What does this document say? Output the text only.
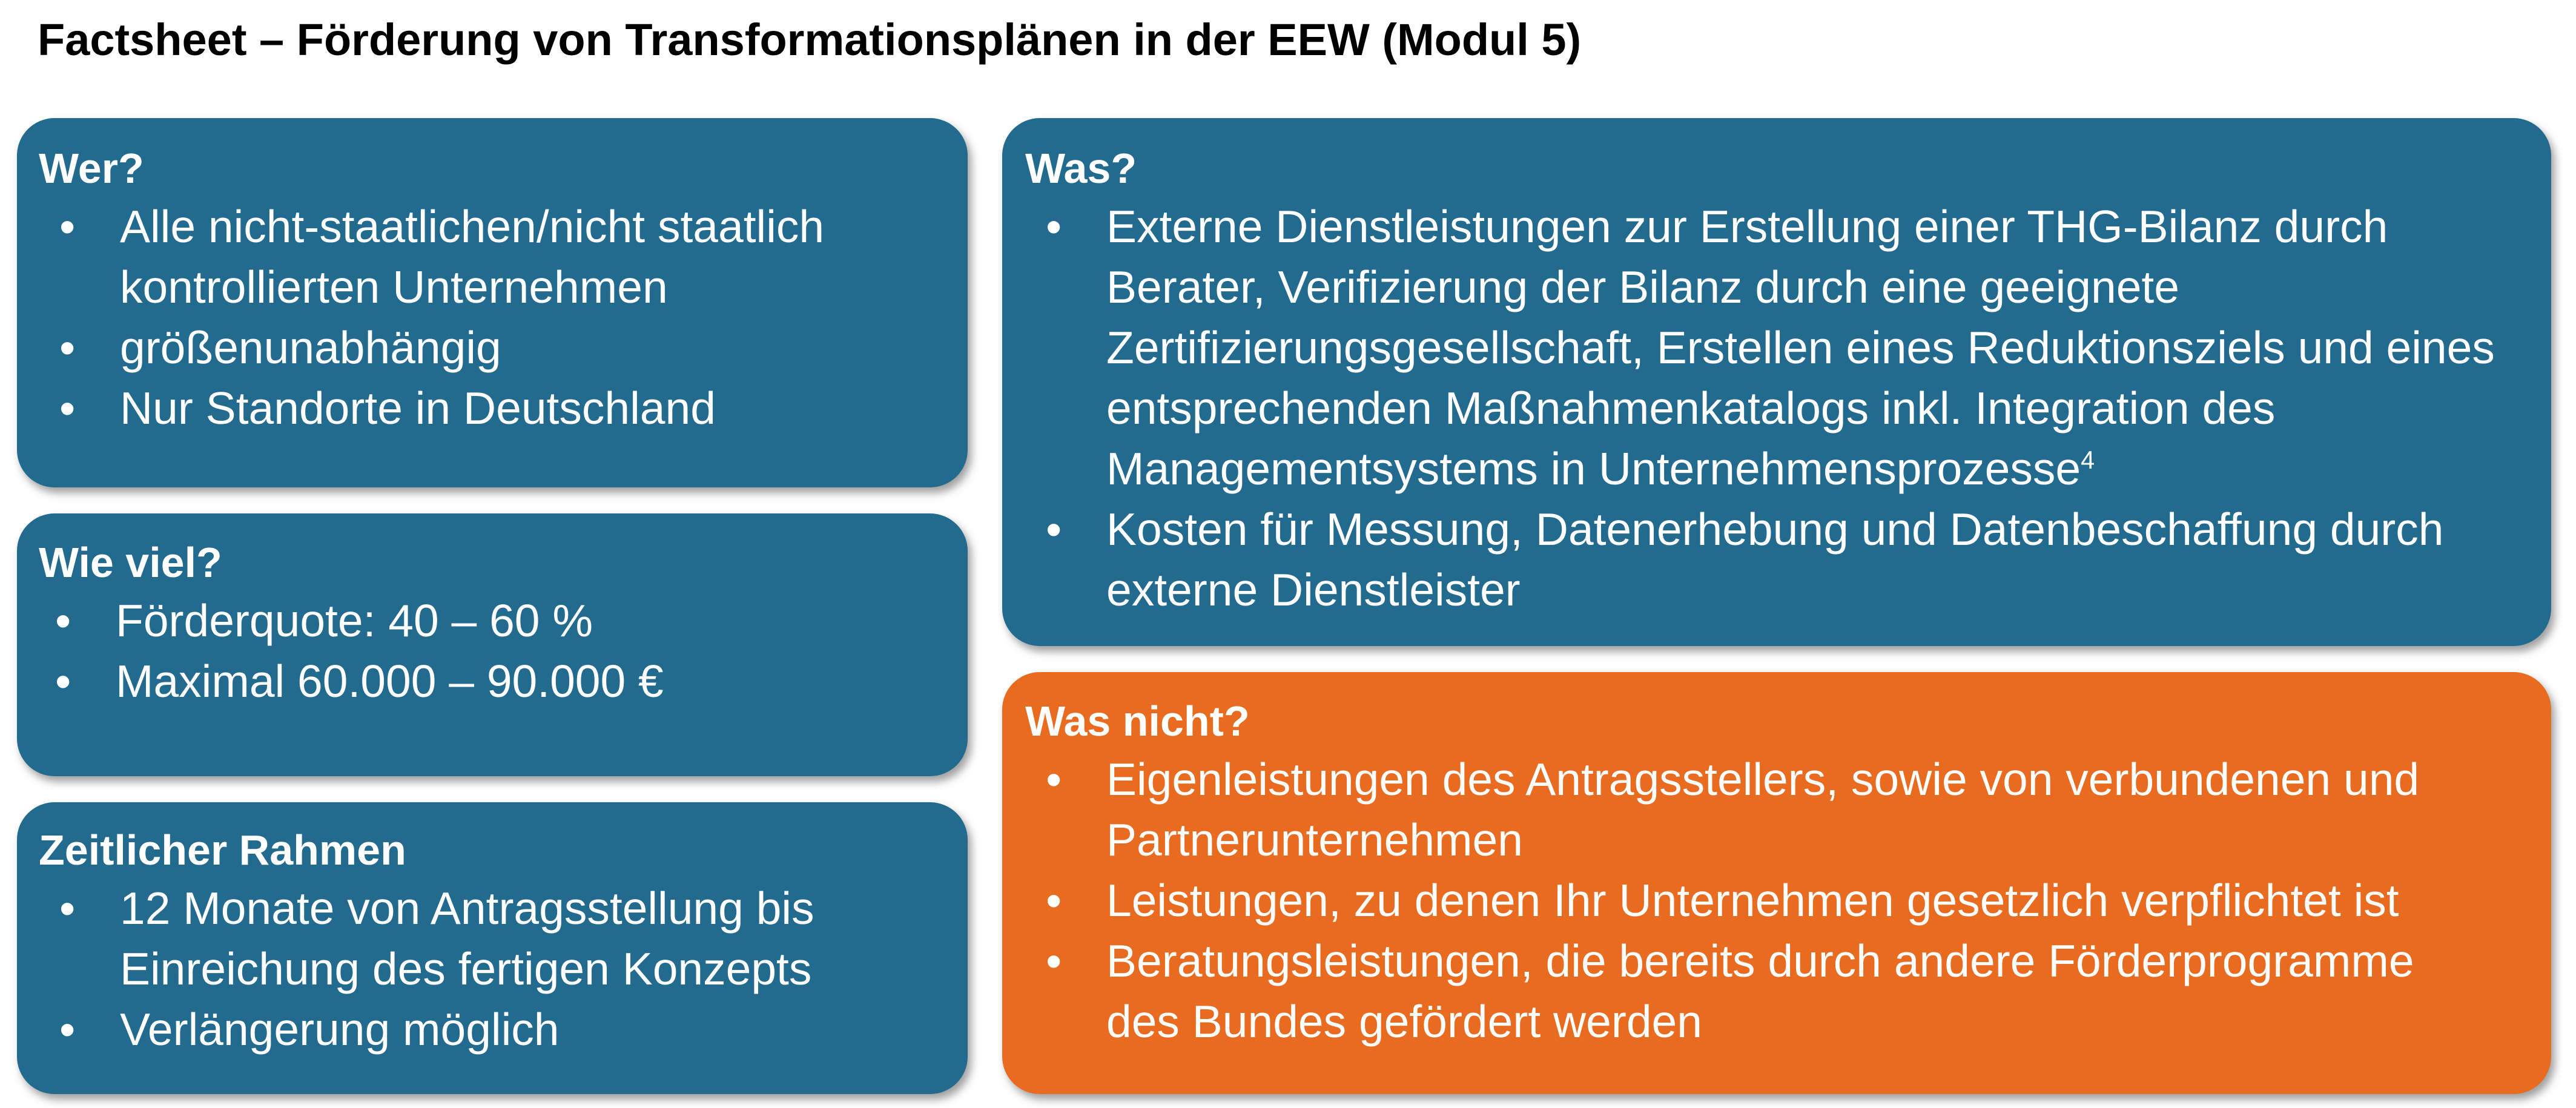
Factsheet – Förderung von Transformationsplänen in der EEW (Modul 5)
Wer?
• Alle nicht-staatlichen/nicht staatlich
kontrollierten Unternehmen
• größenunabhängig
• Nur Standorte in Deutschland
Wie viel?
• Förderquote: 40 – 60 %
• Maximal 60.000 – 90.000 €
Zeitlicher Rahmen
• 12 Monate von Antragsstellung bis
Einreichung des fertigen Konzepts
• Verlängerung möglich
Was?
• Externe Dienstleistungen zur Erstellung einer THG-Bilanz durch
Berater, Verifizierung der Bilanz durch eine geeignete
Zertifizierungsgesellschaft, Erstellen eines Reduktionsziels und eines
entsprechenden Maßnahmenkatalogs inkl. Integration des
Managementsystems in Unternehmensprozesse$^4$
• Kosten für Messung, Datenerhebung und Datenbeschaffung durch
externe Dienstleister
Was nicht?
• Eigenleistungen des Antragsstellers, sowie von verbundenen und
Partnerunternehmen
• Leistungen, zu denen Ihr Unternehmen gesetzlich verpflichtet ist
• Beratungsleistungen, die bereits durch andere Förderprogramme
des Bundes gefördert werden
